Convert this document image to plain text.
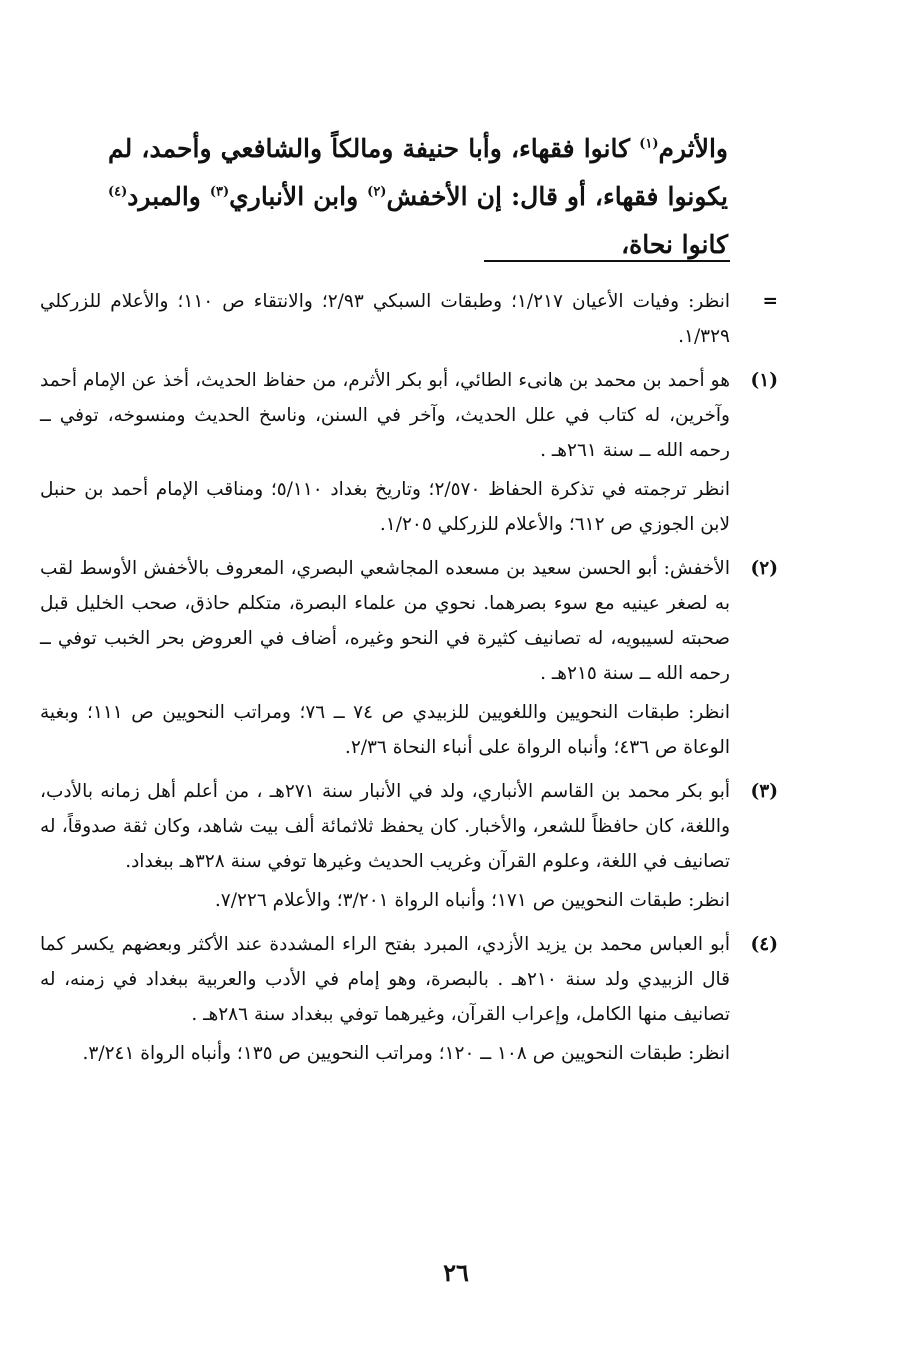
والأثرم$^{(١)}$ كانوا فقهاء، وأبا حنيفة ومالكاً والشافعي وأحمد، لم يكونوا فقهاء، أو قال: إن الأخفش$^{(٢)}$ وابن الأنباري$^{(٣)}$ والمبرد$^{(٤)}$ كانوا نحاة،

=

انظر: وفيات الأعيان ١/٢١٧؛ وطبقات السبكي ٢/٩٣؛ والانتقاء ص ١١٠؛ والأعلام للزركلي ١/٣٢٩.

(١)

هو أحمد بن محمد بن هانىء الطائي، أبو بكر الأثرم، من حفاظ الحديث، أخذ عن الإمام أحمد وآخرين، له كتاب في علل الحديث، وآخر في السنن، وناسخ الحديث ومنسوخه، توفي ــ رحمه الله ــ سنة ٢٦١هـ .

انظر ترجمته في تذكرة الحفاظ ٢/٥٧٠؛ وتاريخ بغداد ٥/١١٠؛ ومناقب الإمام أحمد بن حنبل لابن الجوزي ص ٦١٢؛ والأعلام للزركلي ١/٢٠٥.

(٢)

الأخفش: أبو الحسن سعيد بن مسعده المجاشعي البصري، المعروف بالأخفش الأوسط لقب به لصغر عينيه مع سوء بصرهما. نحوي من علماء البصرة، متكلم حاذق، صحب الخليل قبل صحبته لسيبويه، له تصانيف كثيرة في النحو وغيره، أضاف في العروض بحر الخبب توفي ــ رحمه الله ــ سنة ٢١٥هـ .

انظر: طبقات النحويين واللغويين للزبيدي ص ٧٤ ــ ٧٦؛ ومراتب النحويين ص ١١١؛ وبغية الوعاة ص ٤٣٦؛ وأنباه الرواة على أنباء النحاة ٢/٣٦.

(٣)

أبو بكر محمد بن القاسم الأنباري، ولد في الأنبار سنة ٢٧١هـ ، من أعلم أهل زمانه بالأدب، واللغة، كان حافظاً للشعر، والأخبار. كان يحفظ ثلاثمائة ألف بيت شاهد، وكان ثقة صدوقاً، له تصانيف في اللغة، وعلوم القرآن وغريب الحديث وغيرها توفي سنة ٣٢٨هـ ببغداد.

انظر: طبقات النحويين ص ١٧١؛ وأنباه الرواة ٣/٢٠١؛ والأعلام ٧/٢٢٦.

(٤)

أبو العباس محمد بن يزيد الأزدي، المبرد بفتح الراء المشددة عند الأكثر وبعضهم يكسر كما قال الزبيدي ولد سنة ٢١٠هـ . بالبصرة، وهو إمام في الأدب والعربية ببغداد في زمنه، له تصانيف منها الكامل، وإعراب القرآن، وغيرهما توفي ببغداد سنة ٢٨٦هـ .

انظر: طبقات النحويين ص ١٠٨ ــ ١٢٠؛ ومراتب النحويين ص ١٣٥؛ وأنباه الرواة ٣/٢٤١.

٢٦
